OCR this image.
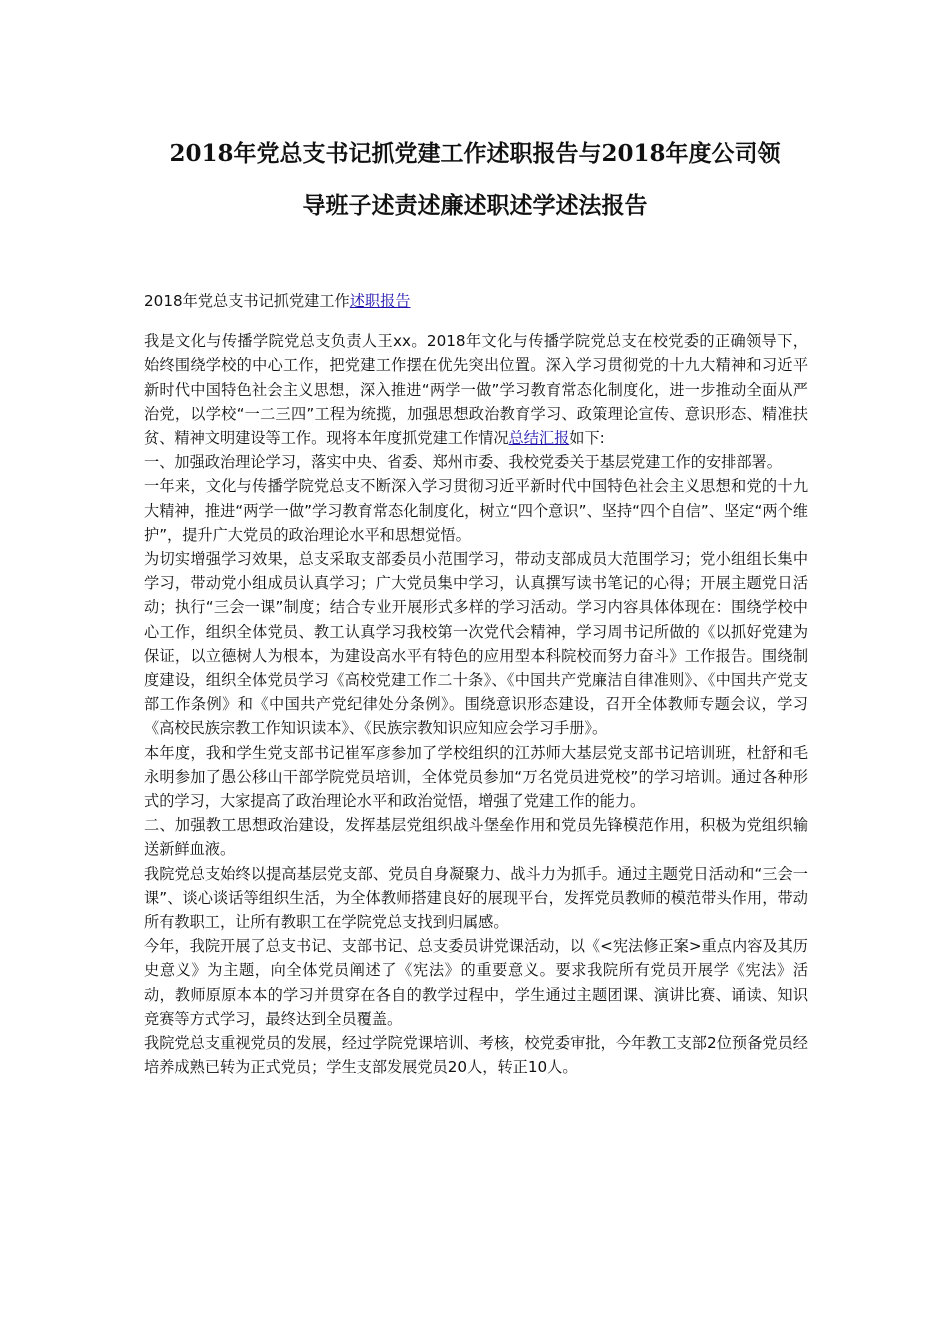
2018年党总支书记抓党建工作述职报告与2018年度公司领
导班子述责述廉述职述学述法报告

2018年党总支书记抓党建工作述职报告

我是文化与传播学院党总支负责人王xx。2018年文化与传播学院党总支在校党委的正确领导下，始终围绕学校的中心工作，把党建工作摆在优先突出位置。深入学习贯彻党的十九大精神和习近平新时代中国特色社会主义思想，深入推进“两学一做”学习教育常态化制度化，进一步推动全面从严治党，以学校“一二三四”工程为统揽，加强思想政治教育学习、政策理论宣传、意识形态、精准扶贫、精神文明建设等工作。现将本年度抓党建工作情况总结汇报如下:

一、加强政治理论学习，落实中央、省委、郑州市委、我校党委关于基层党建工作的安排部署。

一年来，文化与传播学院党总支不断深入学习贯彻习近平新时代中国特色社会主义思想和党的十九大精神，推进“两学一做”学习教育常态化制度化，树立“四个意识”、坚持“四个自信”、坚定“两个维护”，提升广大党员的政治理论水平和思想觉悟。

为切实增强学习效果，总支采取支部委员小范围学习，带动支部成员大范围学习；党小组组长集中学习，带动党小组成员认真学习；广大党员集中学习，认真撰写读书笔记的心得；开展主题党日活动；执行“三会一课”制度；结合专业开展形式多样的学习活动。学习内容具体体现在：围绕学校中心工作，组织全体党员、教工认真学习我校第一次党代会精神，学习周书记所做的《以抓好党建为保证，以立德树人为根本，为建设高水平有特色的应用型本科院校而努力奋斗》工作报告。围绕制度建设，组织全体党员学习《高校党建工作二十条》、《中国共产党廉洁自律准则》、《中国共产党支部工作条例》和《中国共产党纪律处分条例》。围绕意识形态建设，召开全体教师专题会议，学习《高校民族宗教工作知识读本》、《民族宗教知识应知应会学习手册》。

本年度，我和学生党支部书记崔军彦参加了学校组织的江苏师大基层党支部书记培训班，杜舒和毛永明参加了愚公移山干部学院党员培训，全体党员参加“万名党员进党校”的学习培训。通过各种形式的学习，大家提高了政治理论水平和政治觉悟，增强了党建工作的能力。

二、加强教工思想政治建设，发挥基层党组织战斗堡垒作用和党员先锋模范作用，积极为党组织输送新鲜血液。

我院党总支始终以提高基层党支部、党员自身凝聚力、战斗力为抓手。通过主题党日活动和“三会一课”、谈心谈话等组织生活，为全体教师搭建良好的展现平台，发挥党员教师的模范带头作用，带动所有教职工，让所有教职工在学院党总支找到归属感。

今年，我院开展了总支书记、支部书记、总支委员讲党课活动，以《<宪法修正案>重点内容及其历史意义》为主题，向全体党员阐述了《宪法》的重要意义。要求我院所有党员开展学《宪法》活动，教师原原本本的学习并贯穿在各自的教学过程中，学生通过主题团课、演讲比赛、诵读、知识竞赛等方式学习，最终达到全员覆盖。

我院党总支重视党员的发展，经过学院党课培训、考核，校党委审批，今年教工支部2位预备党员经培养成熟已转为正式党员；学生支部发展党员20人，转正10人。
